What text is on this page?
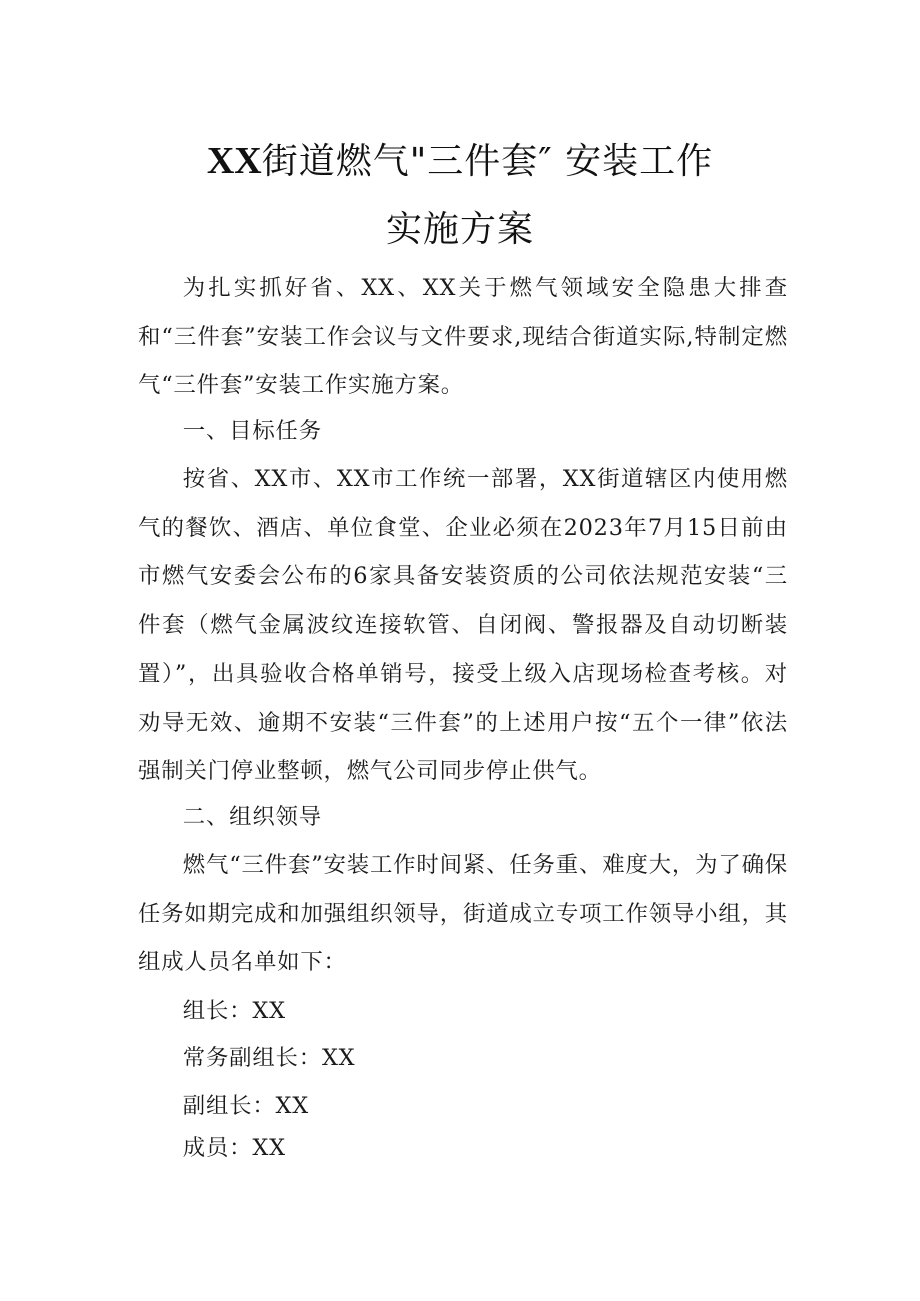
XX街道燃气"三件套″ 安装工作
实施方案

为扎实抓好省、XX、XX关于燃气领域安全隐患大排查和“三件套”安装工作会议与文件要求,现结合街道实际,特制定燃气“三件套”安装工作实施方案。

一、目标任务

按省、XX市、XX市工作统一部署，XX街道辖区内使用燃气的餐饮、酒店、单位食堂、企业必须在2023年7月15日前由市燃气安委会公布的6家具备安装资质的公司依法规范安装“三件套（燃气金属波纹连接软管、自闭阀、警报器及自动切断装置）”，出具验收合格单销号，接受上级入店现场检查考核。对劝导无效、逾期不安装“三件套”的上述用户按“五个一律”依法强制关门停业整顿，燃气公司同步停止供气。

二、组织领导

燃气“三件套”安装工作时间紧、任务重、难度大，为了确保任务如期完成和加强组织领导，街道成立专项工作领导小组，其组成人员名单如下：

组长：XX

常务副组长：XX

副组长：XX

成员：XX
